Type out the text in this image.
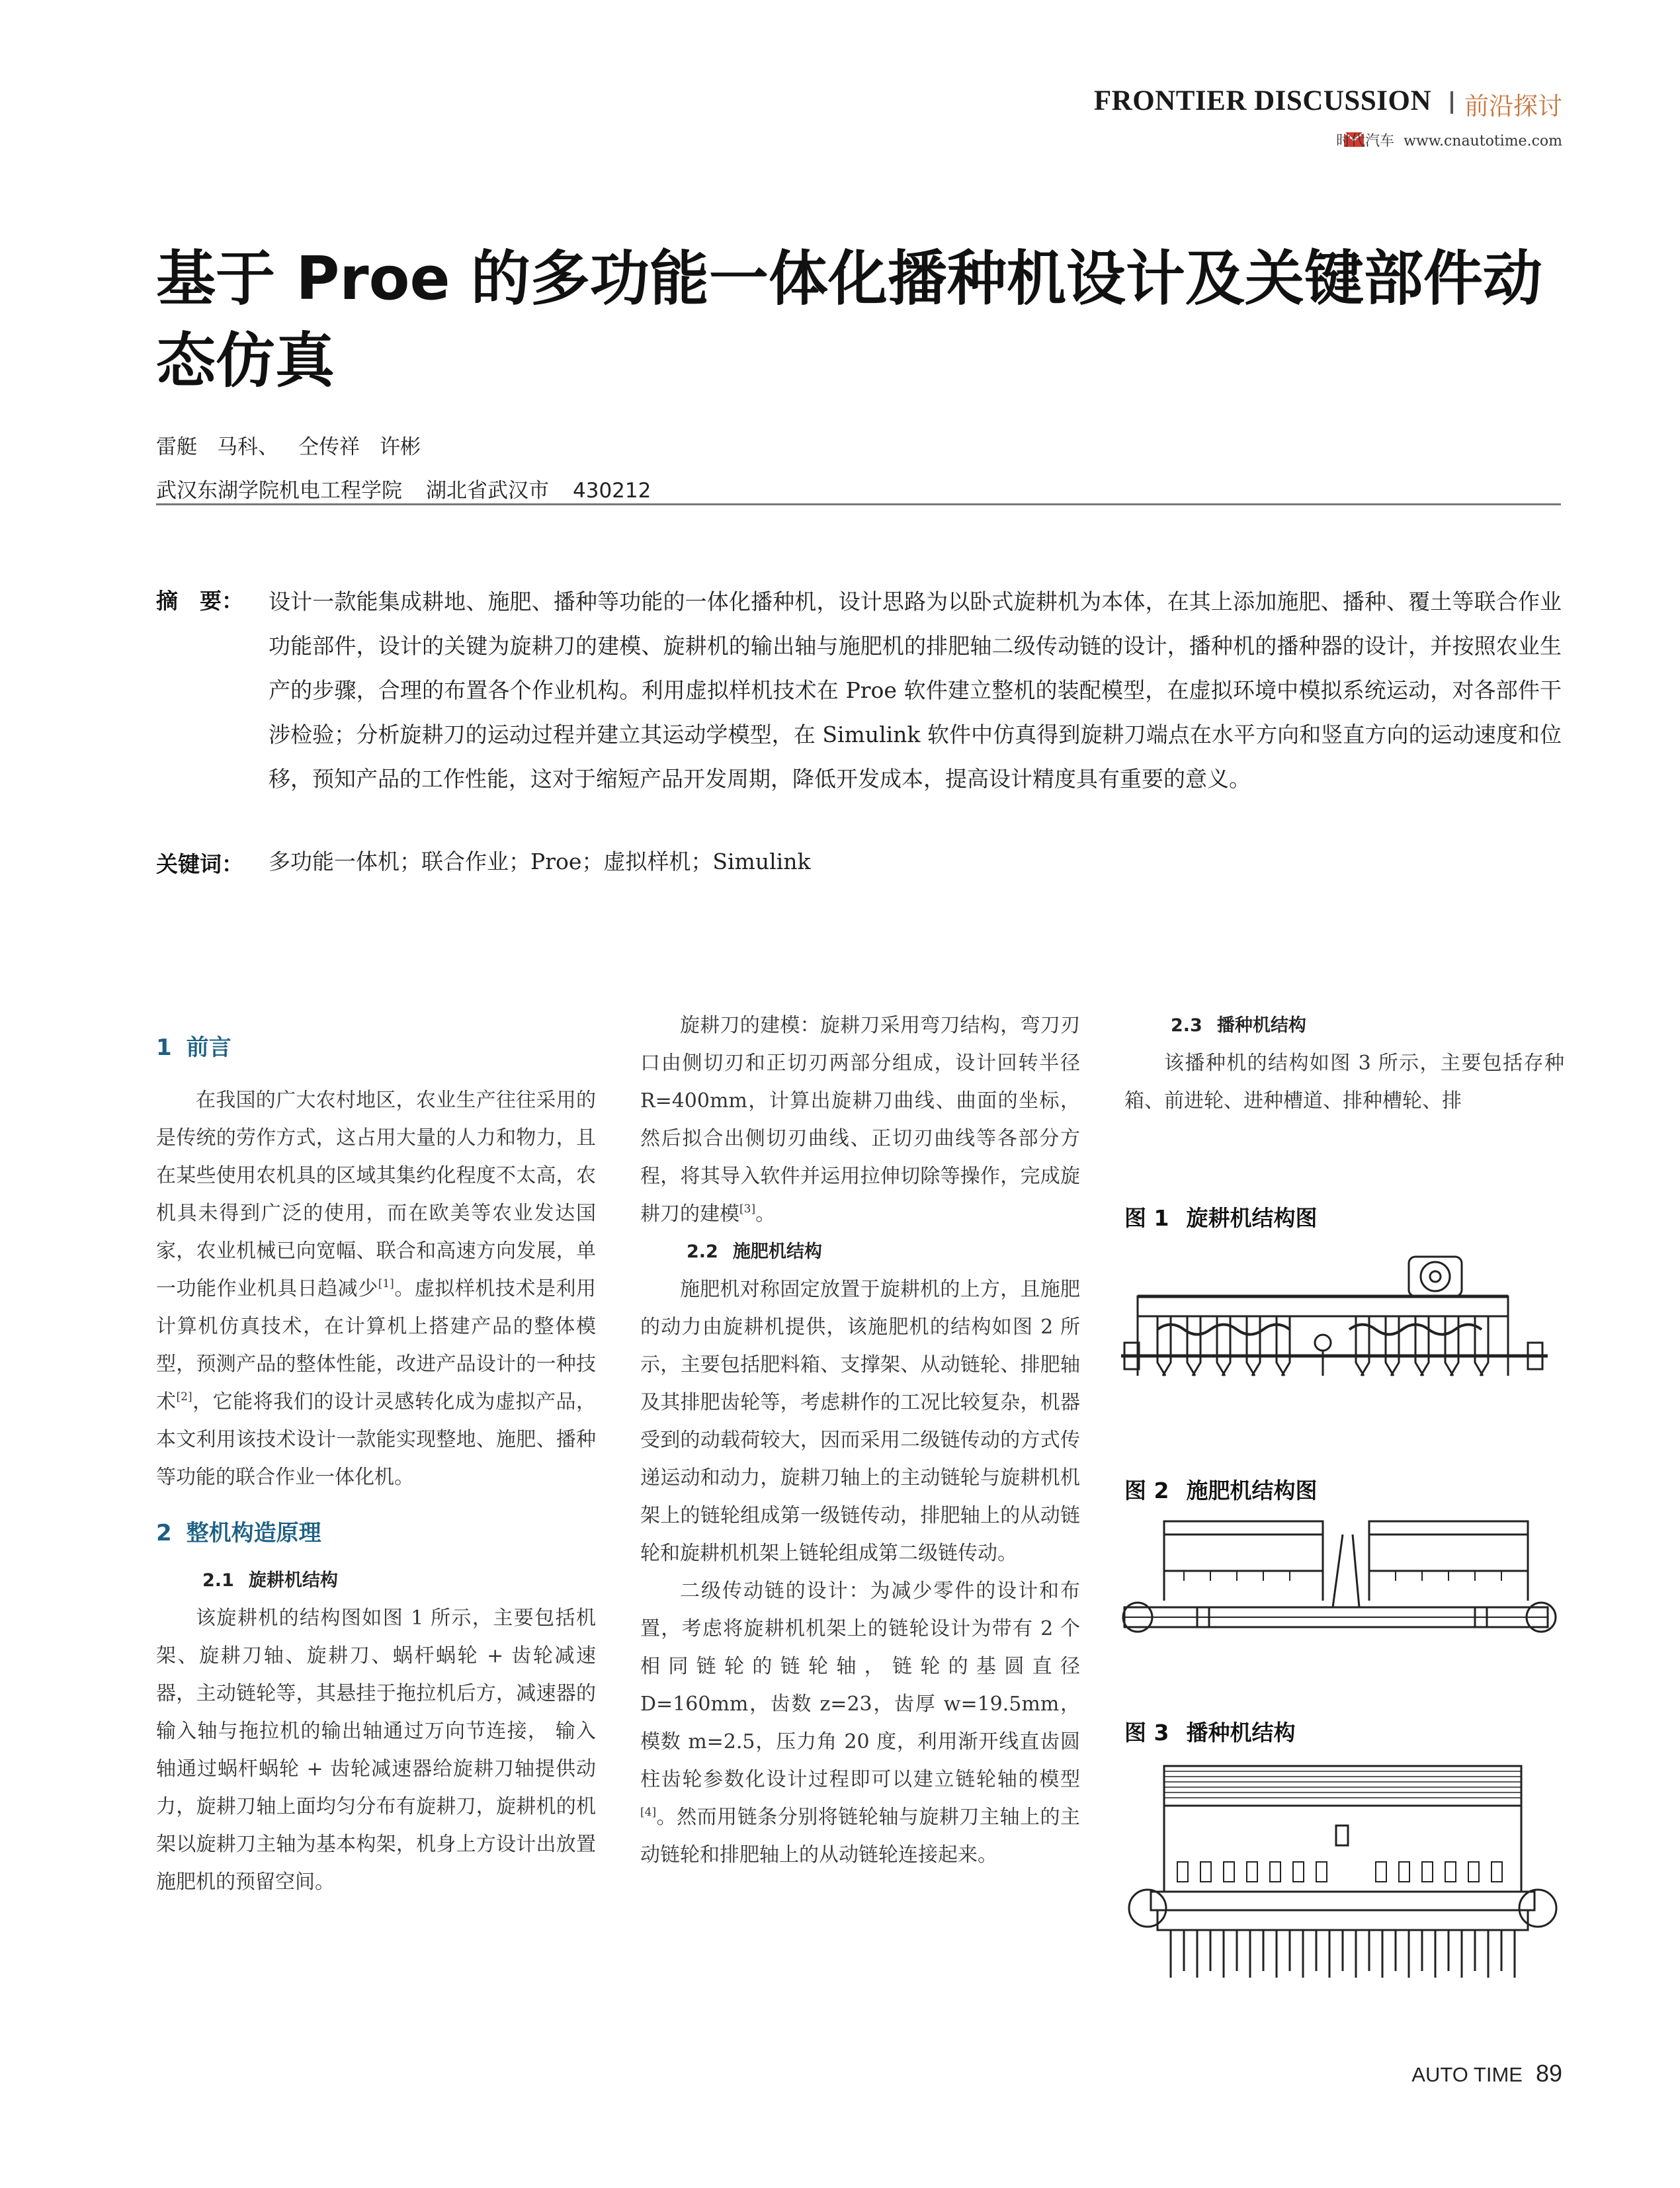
FRONTIER DISCUSSION 前沿探讨
时代汽车 www.cnautotime.com
基于 Proe 的多功能一体化播种机设计及关键部件动态仿真
雷艇 马科、 仝传祥 许彬
武汉东湖学院机电工程学院 湖北省武汉市 430212
摘　要： 设计一款能集成耕地、施肥、播种等功能的一体化播种机，设计思路为以卧式旋耕机为本体，在其上添加施肥、播种、覆土等联合作业功能部件，设计的关键为旋耕刀的建模、旋耕机的输出轴与施肥机的排肥轴二级传动链的设计，播种机的播种器的设计，并按照农业生产的步骤，合理的布置各个作业机构。利用虚拟样机技术在 Proe 软件建立整机的装配模型，在虚拟环境中模拟系统运动，对各部件干涉检验；分析旋耕刀的运动过程并建立其运动学模型，在 Simulink 软件中仿真得到旋耕刀端点在水平方向和竖直方向的运动速度和位移，预知产品的工作性能，这对于缩短产品开发周期，降低开发成本，提高设计精度具有重要的意义。
关键词： 多功能一体机；联合作业；Proe；虚拟样机；Simulink
1 前言

在我国的广大农村地区，农业生产往往采用的是传统的劳作方式，这占用大量的人力和物力，且在某些使用农机具的区域其集约化程度不太高，农机具未得到广泛的使用，而在欧美等农业发达国家，农业机械已向宽幅、联合和高速方向发展，单一功能作业机具日趋减少[1]。虚拟样机技术是利用计算机仿真技术，在计算机上搭建产品的整体模型，预测产品的整体性能，改进产品设计的一种技术[2]，它能将我们的设计灵感转化成为虚拟产品，本文利用该技术设计一款能实现整地、施肥、播种等功能的联合作业一体化机。

2 整机构造原理
2.1 旋耕机结构

该旋耕机的结构图如图 1 所示，主要包括机架、旋耕刀轴、旋耕刀、蜗杆蜗轮 + 齿轮减速器，主动链轮等，其悬挂于拖拉机后方，减速器的输入轴与拖拉机的输出轴通过万向节连接， 输入轴通过蜗杆蜗轮 + 齿轮减速器给旋耕刀轴提供动力，旋耕刀轴上面均匀分布有旋耕刀，旋耕机的机架以旋耕刀主轴为基本构架，机身上方设计出放置施肥机的预留空间。

旋耕刀的建模：旋耕刀采用弯刀结构，弯刀刃口由侧切刃和正切刃两部分组成，设计回转半径 R=400mm，计算出旋耕刀曲线、曲面的坐标，然后拟合出侧切刃曲线、正切刃曲线等各部分方程，将其导入软件并运用拉伸切除等操作，完成旋耕刀的建模[3]。

2.2 施肥机结构

施肥机对称固定放置于旋耕机的上方，且施肥的动力由旋耕机提供，该施肥机的结构如图 2 所示，主要包括肥料箱、支撑架、从动链轮、排肥轴及其排肥齿轮等，考虑耕作的工况比较复杂，机器受到的动载荷较大，因而采用二级链传动的方式传递运动和动力，旋耕刀轴上的主动链轮与旋耕机机架上的链轮组成第一级链传动，排肥轴上的从动链轮和旋耕机机架上链轮组成第二级链传动。

二级传动链的设计：为减少零件的设计和布置，考虑将旋耕机机架上的链轮设计为带有 2 个相同链轮的链轮轴，链轮的基圆直径 D=160mm，齿数 z=23，齿厚 w=19.5mm，模数 m=2.5，压力角 20 度，利用渐开线直齿圆柱齿轮参数化设计过程即可以建立链轮轴的模型[4]。然而用链条分别将链轮轴与旋耕刀主轴上的主动链轮和排肥轴上的从动链轮连接起来。

2.3 播种机结构

该播种机的结构如图 3 所示，主要包括存种箱、前进轮、进种槽道、排种槽轮、排

图 1 旋耕机结构图
图 2 施肥机结构图
图 3 播种机结构
AUTO TIME 89
